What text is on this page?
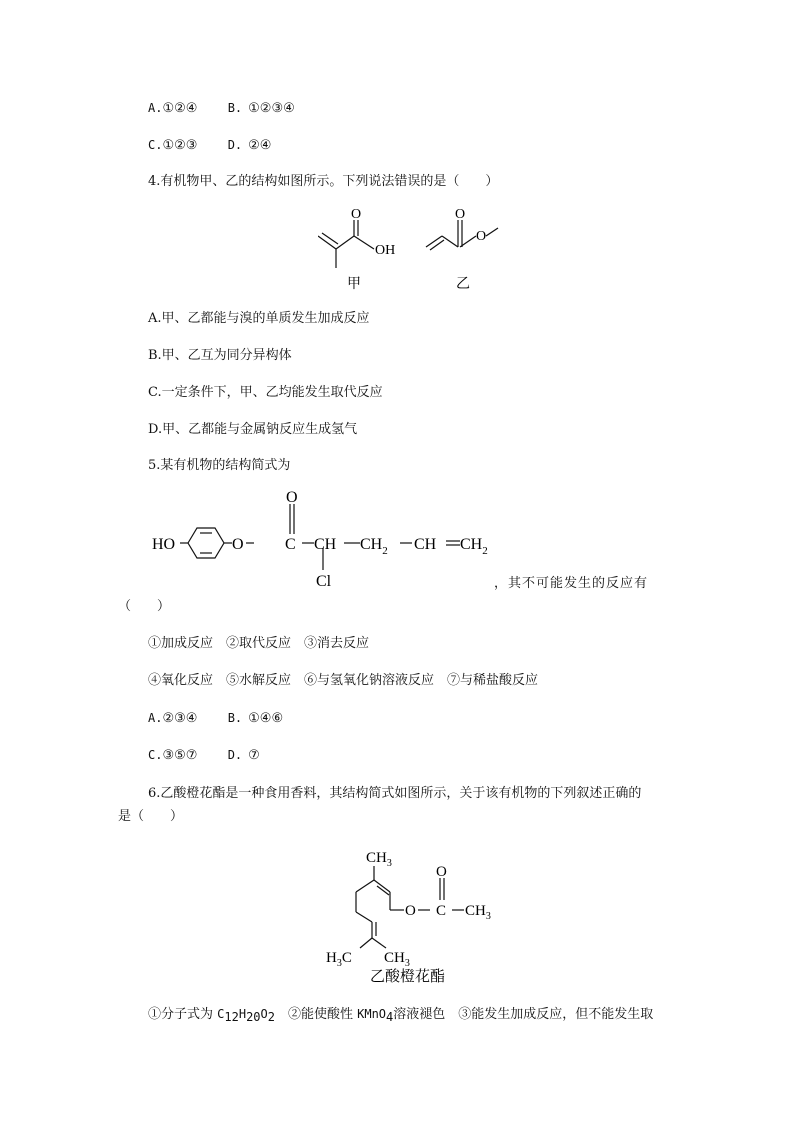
A.①②④	B. ①②③④
C.①②③	D. ②④
4.有机物甲、乙的结构如图所示。下列说法错误的是（　　）
O
OH
甲
O
O
乙
A.甲、乙都能与溴的单质发生加成反应
B.甲、乙互为同分异构体
C.一定条件下，甲、乙均能发生取代反应
D.甲、乙都能与金属钠反应生成氢气
5.某有机物的结构简式为
HO	O
O
C CH $CH_2$ CH $CH_2$
Cl	，其不可能发生的反应有
（　　）
①加成反应　②取代反应　③消去反应
④氧化反应　⑤水解反应　⑥与氢氧化钠溶液反应　⑦与稀盐酸反应
A.②③④	B. ①④⑥
C.③⑤⑦	D. ⑦
6.乙酸橙花酯是一种食用香料，其结构简式如图所示，关于该有机物的下列叙述正确的
是（　　）
$CH_3$
O
O C $CH_3$
$H_3C$ $CH_3$
乙酸橙花酯
①分子式为 $C_{12}H_{20}O_2$　②能使酸性 KMnO$_4$溶液褪色　③能发生加成反应，但不能发生取
